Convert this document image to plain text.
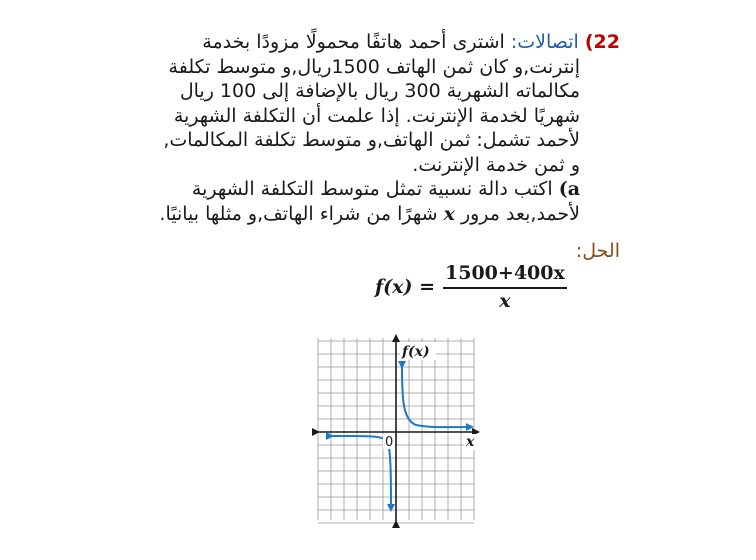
22) اتصالات: اشترى أحمد هاتفًا محمولًا مزودًا بخدمة
إنترنت,و كان ثمن الهاتف 1500ريال,و متوسط تكلفة
مكالماته الشهرية 300 ريال بالإضافة إلى 100 ريال
شهريًا لخدمة الإنترنت. إذا علمت أن التكلفة الشهرية
لأحمد تشمل: ثمن الهاتف,و متوسط تكلفة المكالمات,
و ثمن خدمة الإنترنت.
a) اكتب دالة نسبية تمثل متوسط التكلفة الشهرية
لأحمد,بعد مرور x شهرًا من شراء الهاتف,و مثلها بيانيًا.
الحل:
$f(x) = \frac{1500+400x}{x}$
f(x)
x
0
